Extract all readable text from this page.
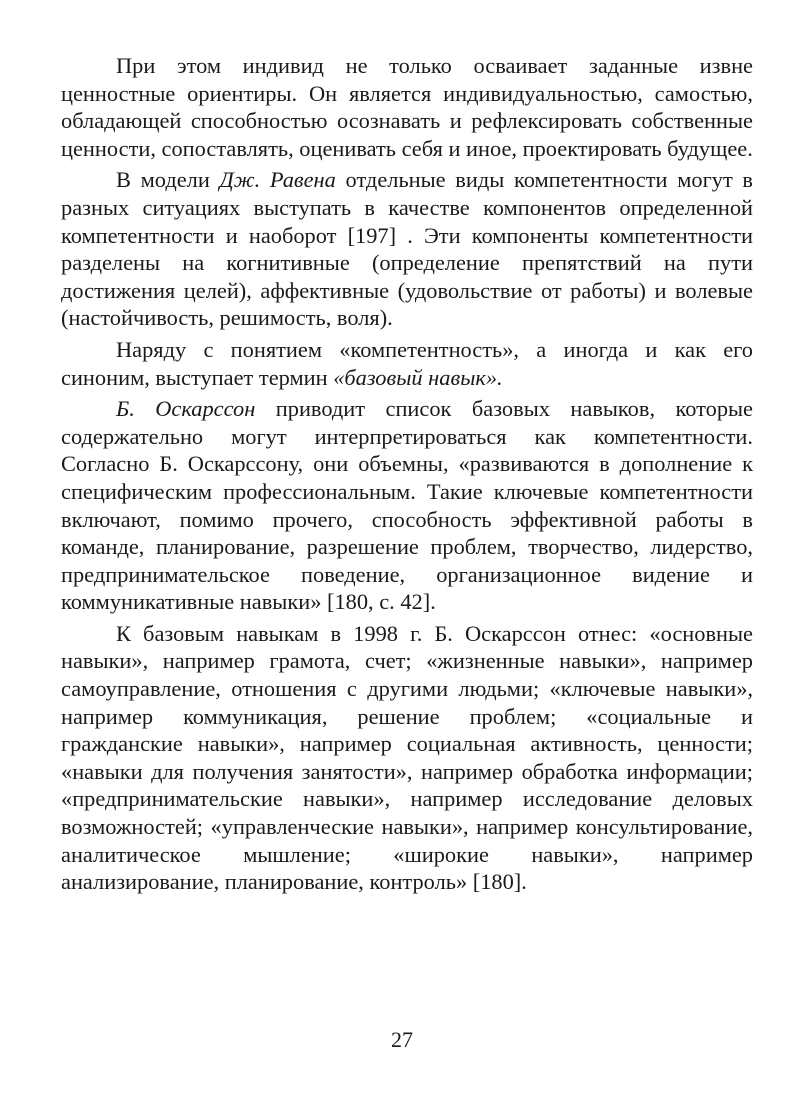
При этом индивид не только осваивает заданные извне ценностные ориентиры. Он является индивидуальностью, самостью, обладающей способностью осознавать и рефлексировать собственные ценности, сопоставлять, оценивать себя и иное, проектировать будущее.

В модели Дж. Равена отдельные виды компетентности могут в разных ситуациях выступать в качестве компонентов определенной компетентности и наоборот [197] . Эти компоненты компетентности разделены на когнитивные (определение препятствий на пути достижения целей), аффективные (удовольствие от работы) и волевые (настойчивость, решимость, воля).

Наряду с понятием «компетентность», а иногда и как его синоним, выступает термин «базовый навык».

Б. Оскарссон приводит список базовых навыков, которые содержательно могут интерпретироваться как компетентности. Согласно Б. Оскарссону, они объемны, «развиваются в дополнение к специфическим профессиональным. Такие ключевые компетентности включают, помимо прочего, способность эффективной работы в команде, планирование, разрешение проблем, творчество, лидерство, предпринимательское поведение, организационное видение и коммуникативные навыки» [180, с. 42].

К базовым навыкам в 1998 г. Б. Оскарссон отнес: «основные навыки», например грамота, счет; «жизненные навыки», например самоуправление, отношения с другими людьми; «ключевые навыки», например коммуникация, решение проблем; «социальные и гражданские навыки», например социальная активность, ценности; «навыки для получения занятости», например обработка информации; «предпринимательские навыки», например исследование деловых возможностей; «управленческие навыки», например консультирование, аналитическое мышление; «широкие навыки», например анализирование, планирование, контроль» [180].

27
